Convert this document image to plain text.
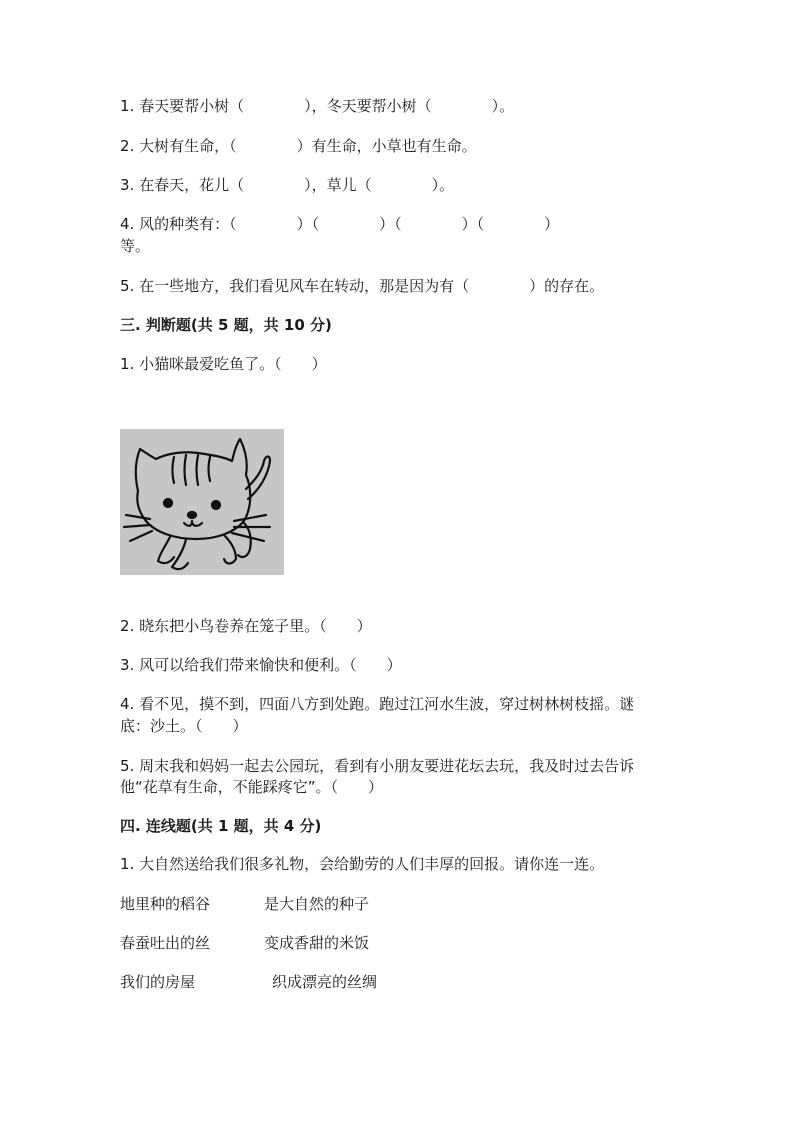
1. 春天要帮小树（　　　　），冬天要帮小树（　　　　）。
2. 大树有生命，（　　　　）有生命，小草也有生命。
3. 在春天，花儿（　　　　），草儿（　　　　）。
4. 风的种类有：（　　　　）（　　　　）（　　　　）（　　　　）
等。
5. 在一些地方，我们看见风车在转动，那是因为有（　　　　）的存在。
三. 判断题(共 5 题，共 10 分)
1. 小猫咪最爱吃鱼了。（　　）
2. 晓东把小鸟卷养在笼子里。（　　）
3. 风可以给我们带来愉快和便利。（　　）
4. 看不见，摸不到，四面八方到处跑。跑过江河水生波，穿过树林树枝摇。谜
底：沙土。（　　）
5. 周末我和妈妈一起去公园玩，看到有小朋友要进花坛去玩，我及时过去告诉
他“花草有生命，不能踩疼它”。（　　）
四. 连线题(共 1 题，共 4 分)
1. 大自然送给我们很多礼物，会给勤劳的人们丰厚的回报。请你连一连。
地里种的稻谷	是大自然的种子
春蚕吐出的丝	变成香甜的米饭
我们的房屋	织成漂亮的丝绸
